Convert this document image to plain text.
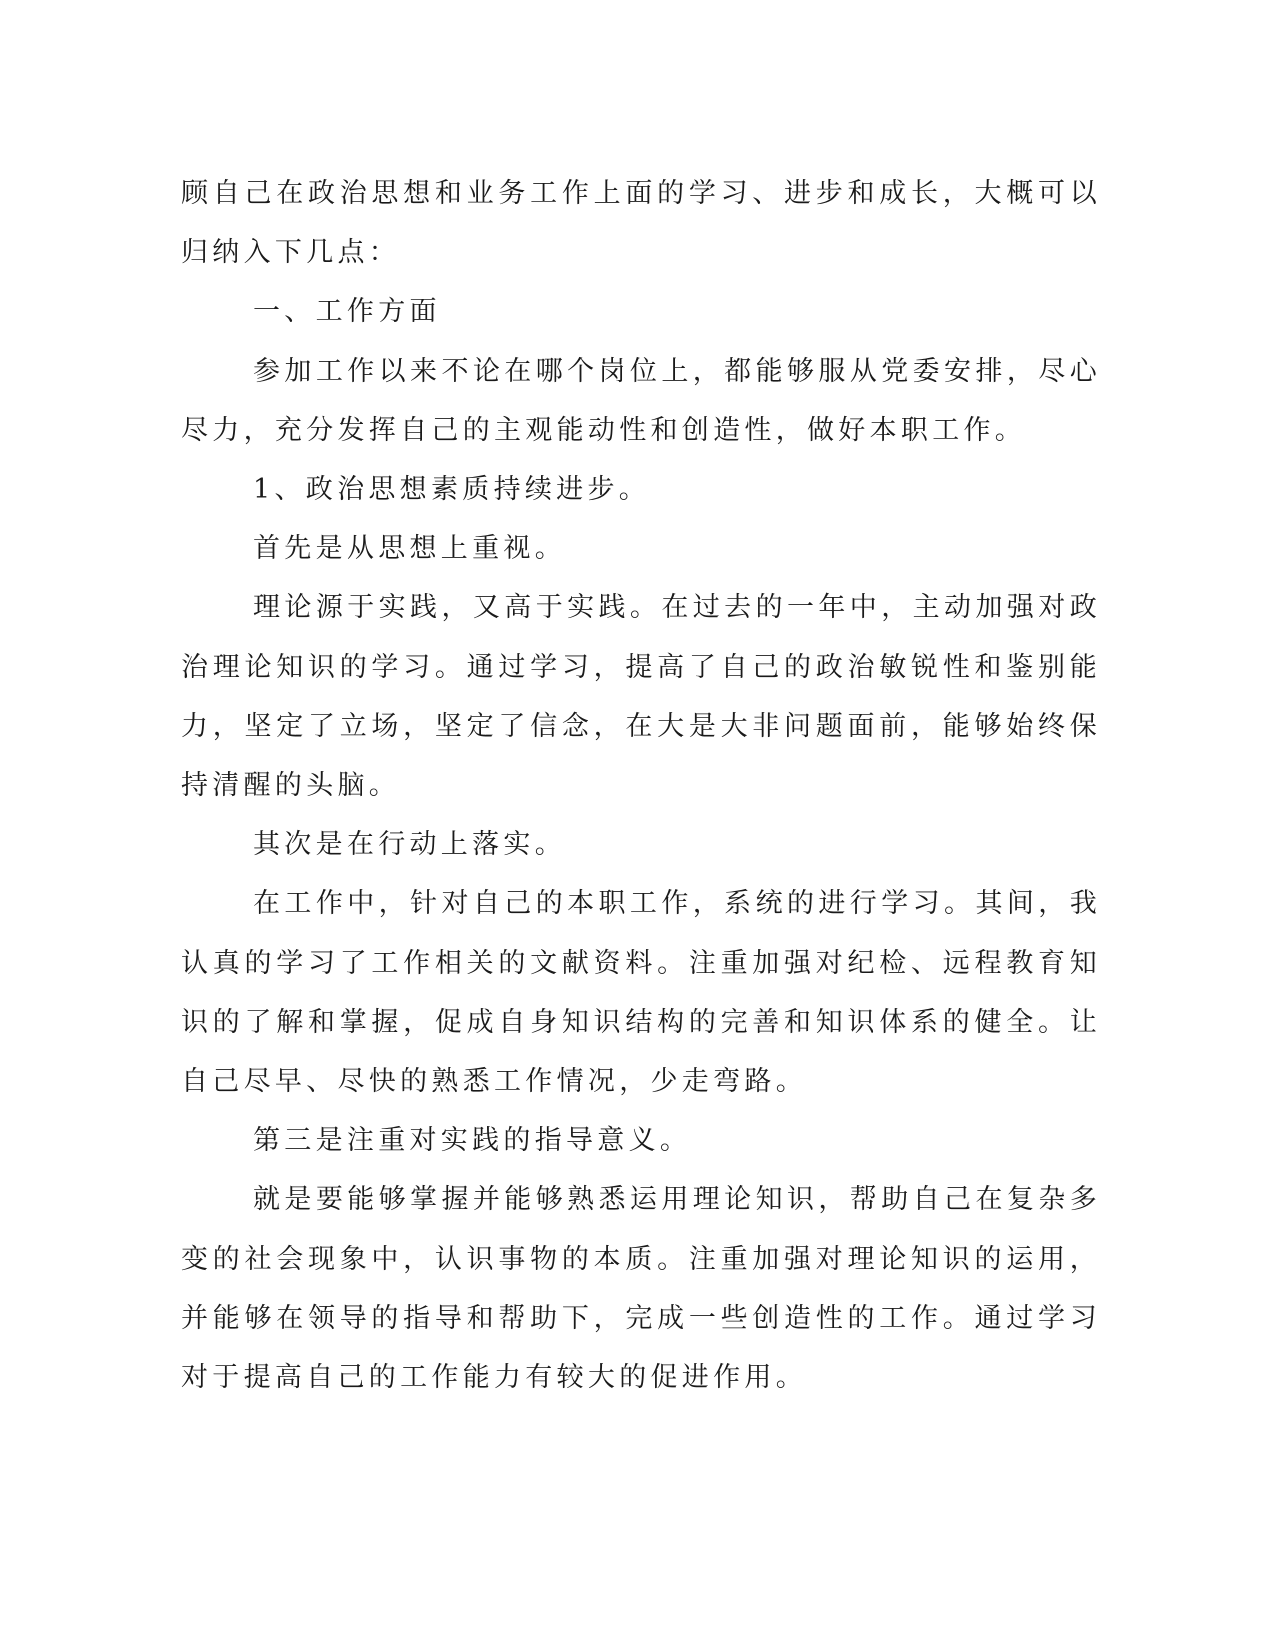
顾自己在政治思想和业务工作上面的学习、进步和成长，大概可以归纳入下几点：

一、工作方面

参加工作以来不论在哪个岗位上，都能够服从党委安排，尽心尽力，充分发挥自己的主观能动性和创造性，做好本职工作。

1、政治思想素质持续进步。

首先是从思想上重视。

理论源于实践，又高于实践。在过去的一年中，主动加强对政治理论知识的学习。通过学习，提高了自己的政治敏锐性和鉴别能力，坚定了立场，坚定了信念，在大是大非问题面前，能够始终保持清醒的头脑。

其次是在行动上落实。

在工作中，针对自己的本职工作，系统的进行学习。其间，我认真的学习了工作相关的文献资料。注重加强对纪检、远程教育知识的了解和掌握，促成自身知识结构的完善和知识体系的健全。让自己尽早、尽快的熟悉工作情况，少走弯路。

第三是注重对实践的指导意义。

就是要能够掌握并能够熟悉运用理论知识，帮助自己在复杂多变的社会现象中，认识事物的本质。注重加强对理论知识的运用，并能够在领导的指导和帮助下，完成一些创造性的工作。通过学习对于提高自己的工作能力有较大的促进作用。
